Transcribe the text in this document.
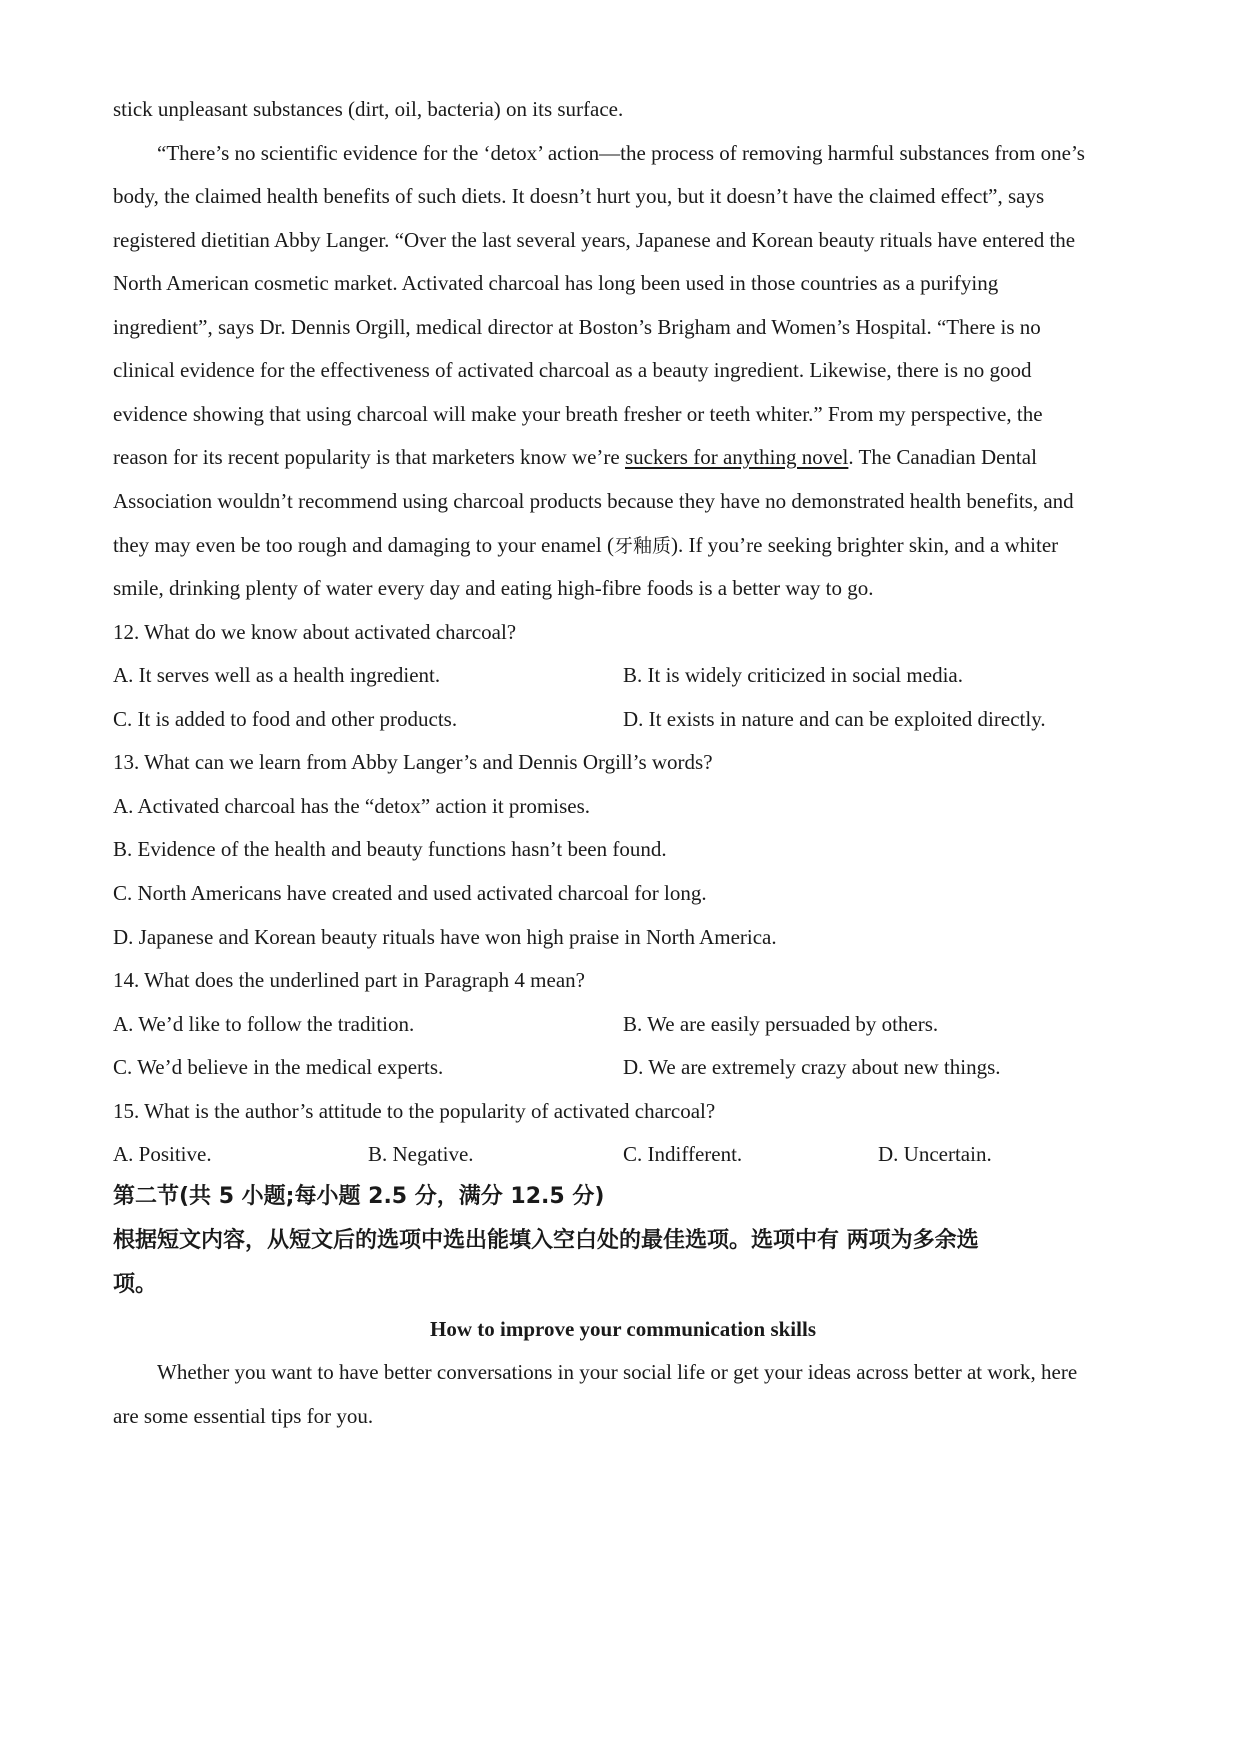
stick unpleasant substances (dirt, oil, bacteria) on its surface.
“There’s no scientific evidence for the ‘detox’ action—the process of removing harmful substances from one’s
body, the claimed health benefits of such diets. It doesn’t hurt you, but it doesn’t have the claimed effect”, says
registered dietitian Abby Langer. “Over the last several years, Japanese and Korean beauty rituals have entered the
North American cosmetic market. Activated charcoal has long been used in those countries as a purifying
ingredient”, says Dr. Dennis Orgill, medical director at Boston’s Brigham and Women’s Hospital. “There is no
clinical evidence for the effectiveness of activated charcoal as a beauty ingredient. Likewise, there is no good
evidence showing that using charcoal will make your breath fresher or teeth whiter.” From my perspective, the
reason for its recent popularity is that marketers know we’re suckers for anything novel. The Canadian Dental
Association wouldn’t recommend using charcoal products because they have no demonstrated health benefits, and
they may even be too rough and damaging to your enamel (牙釉质). If you’re seeking brighter skin, and a whiter
smile, drinking plenty of water every day and eating high-fibre foods is a better way to go.
12. What do we know about activated charcoal?
A. It serves well as a health ingredient.	B. It is widely criticized in social media.
C. It is added to food and other products.	D. It exists in nature and can be exploited directly.
13. What can we learn from Abby Langer’s and Dennis Orgill’s words?
A. Activated charcoal has the “detox” action it promises.
B. Evidence of the health and beauty functions hasn’t been found.
C. North Americans have created and used activated charcoal for long.
D. Japanese and Korean beauty rituals have won high praise in North America.
14. What does the underlined part in Paragraph 4 mean?
A. We’d like to follow the tradition.	B. We are easily persuaded by others.
C. We’d believe in the medical experts.	D. We are extremely crazy about new things.
15. What is the author’s attitude to the popularity of activated charcoal?
A. Positive.	B. Negative.	C. Indifferent.	D. Uncertain.
第二节(共 5 小题;每小题 2.5 分，满分 12.5 分)
根据短文内容，从短文后的选项中选出能填入空白处的最佳选项。选项中有 两项为多余选
项。
How to improve your communication skills
Whether you want to have better conversations in your social life or get your ideas across better at work, here
are some essential tips for you.
